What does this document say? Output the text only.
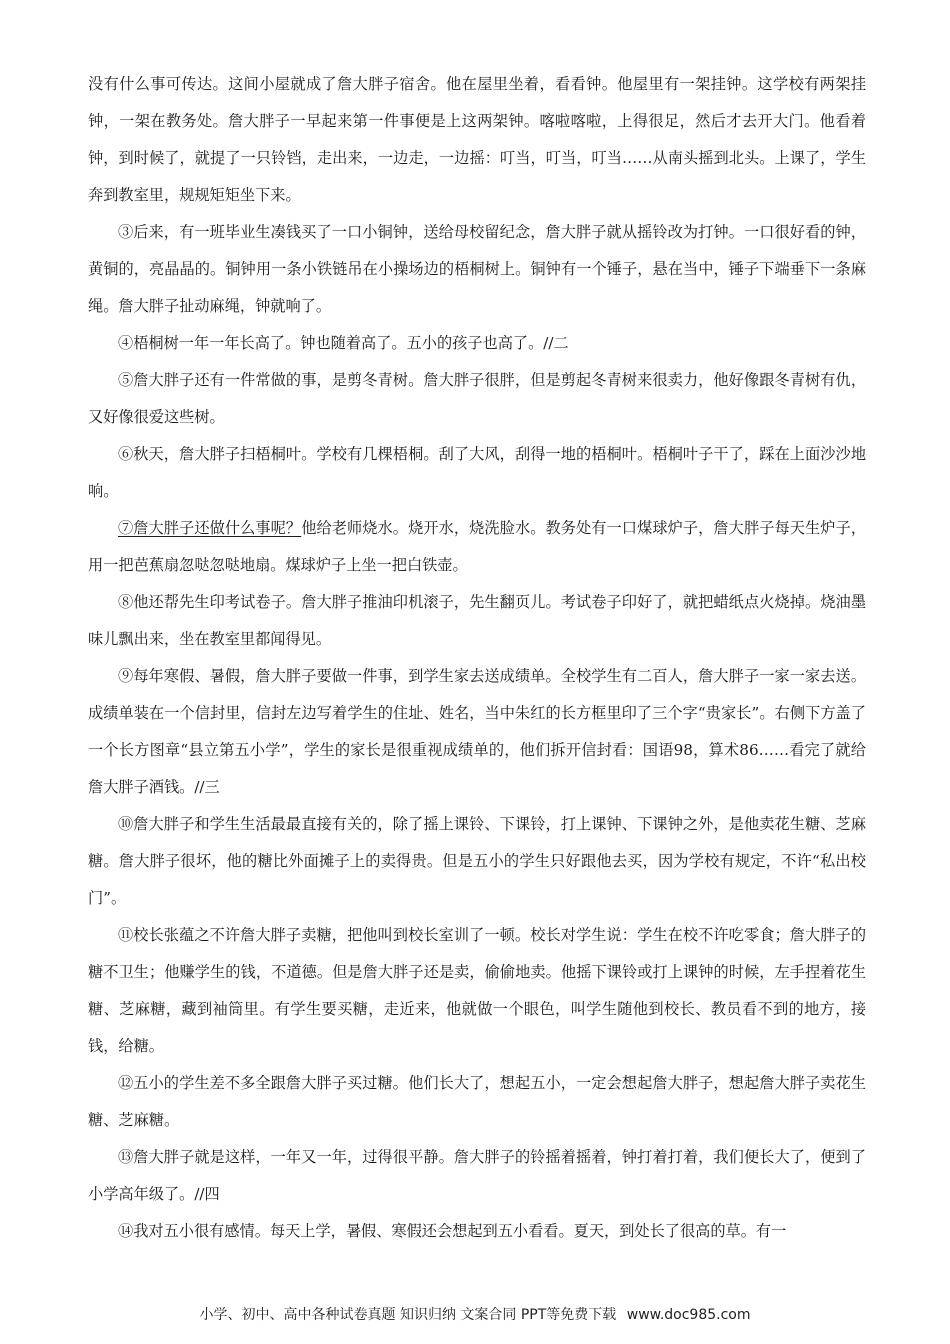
没有什么事可传达。这间小屋就成了詹大胖子宿舍。他在屋里坐着，看看钟。他屋里有一架挂钟。这学校有两架挂钟，一架在教务处。詹大胖子一早起来第一件事便是上这两架钟。喀啦喀啦，上得很足，然后才去开大门。他看着钟，到时候了，就提了一只铃铛，走出来，一边走，一边摇：叮当，叮当，叮当……从南头摇到北头。上课了，学生奔到教室里，规规矩矩坐下来。

③后来，有一班毕业生凑钱买了一口小铜钟，送给母校留纪念，詹大胖子就从摇铃改为打钟。一口很好看的钟，黄铜的，亮晶晶的。铜钟用一条小铁链吊在小操场边的梧桐树上。铜钟有一个锤子，悬在当中，锤子下端垂下一条麻绳。詹大胖子扯动麻绳，钟就响了。

④梧桐树一年一年长高了。钟也随着高了。五小的孩子也高了。//二

⑤詹大胖子还有一件常做的事，是剪冬青树。詹大胖子很胖，但是剪起冬青树来很卖力，他好像跟冬青树有仇，又好像很爱这些树。

⑥秋天，詹大胖子扫梧桐叶。学校有几棵梧桐。刮了大风，刮得一地的梧桐叶。梧桐叶子干了，踩在上面沙沙地响。

⑦詹大胖子还做什么事呢？他给老师烧水。烧开水，烧洗脸水。教务处有一口煤球炉子，詹大胖子每天生炉子，用一把芭蕉扇忽哒忽哒地扇。煤球炉子上坐一把白铁壶。

⑧他还帮先生印考试卷子。詹大胖子推油印机滚子，先生翻页儿。考试卷子印好了，就把蜡纸点火烧掉。烧油墨味儿飘出来，坐在教室里都闻得见。

⑨每年寒假、暑假，詹大胖子要做一件事，到学生家去送成绩单。全校学生有二百人，詹大胖子一家一家去送。成绩单装在一个信封里，信封左边写着学生的住址、姓名，当中朱红的长方框里印了三个字“贵家长”。右侧下方盖了一个长方图章“县立第五小学”，学生的家长是很重视成绩单的，他们拆开信封看：国语98，算术86……看完了就给詹大胖子酒钱。//三

⑩詹大胖子和学生生活最最直接有关的，除了摇上课铃、下课铃，打上课钟、下课钟之外，是他卖花生糖、芝麻糖。詹大胖子很坏，他的糖比外面摊子上的卖得贵。但是五小的学生只好跟他去买，因为学校有规定，不许“私出校门”。

⑪校长张蕴之不许詹大胖子卖糖，把他叫到校长室训了一顿。校长对学生说：学生在校不许吃零食；詹大胖子的糖不卫生；他赚学生的钱，不道德。但是詹大胖子还是卖，偷偷地卖。他摇下课铃或打上课钟的时候，左手捏着花生糖、芝麻糖，藏到袖筒里。有学生要买糖，走近来，他就做一个眼色，叫学生随他到校长、教员看不到的地方，接钱，给糖。

⑫五小的学生差不多全跟詹大胖子买过糖。他们长大了，想起五小，一定会想起詹大胖子，想起詹大胖子卖花生糖、芝麻糖。

⑬詹大胖子就是这样，一年又一年，过得很平静。詹大胖子的铃摇着摇着，钟打着打着，我们便长大了，便到了小学高年级了。//四

⑭我对五小很有感情。每天上学，暑假、寒假还会想起到五小看看。夏天，到处长了很高的草。有一

小学、初中、高中各种试卷真题 知识归纳 文案合同 PPT等免费下载 www.doc985.com
